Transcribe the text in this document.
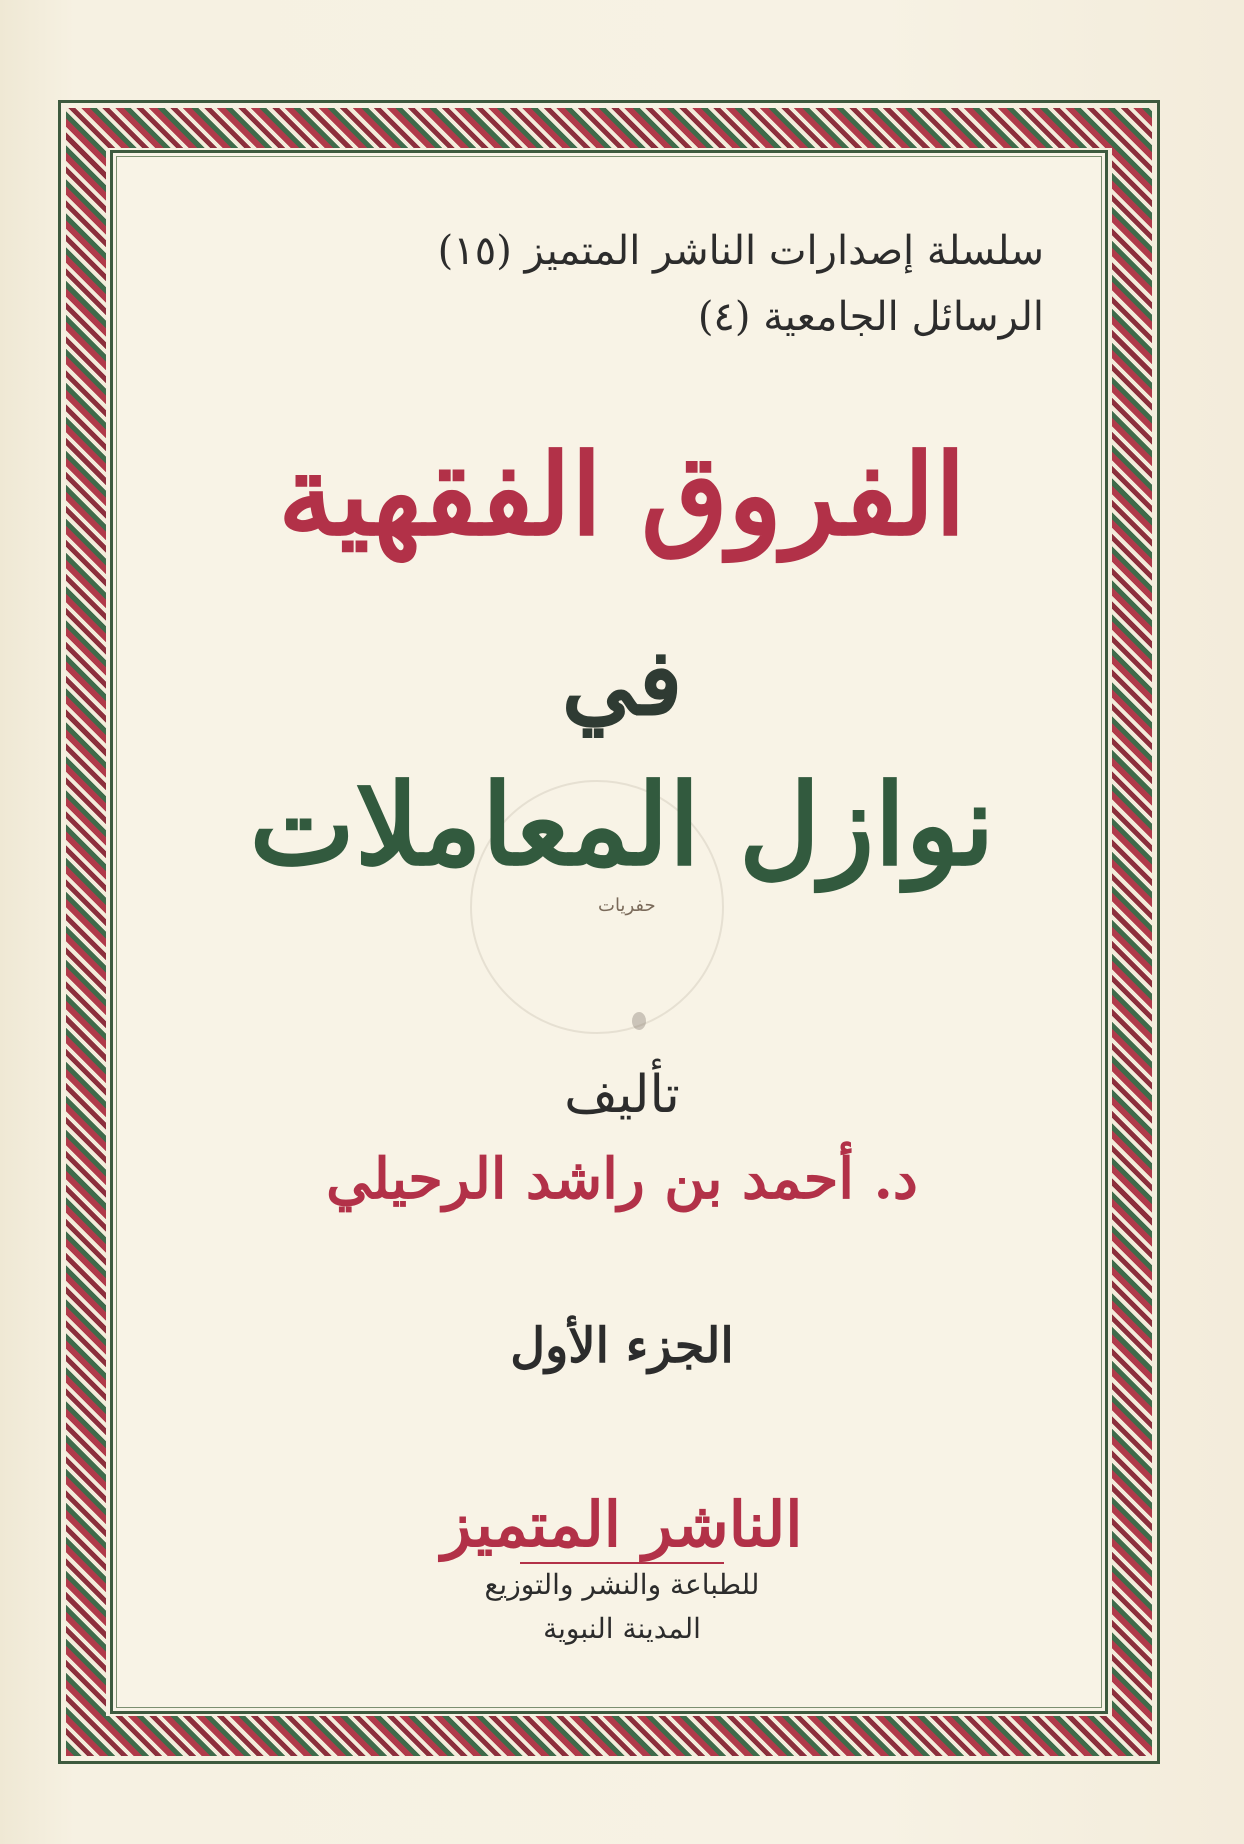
سلسلة إصدارات الناشر المتميز (١٥)
الرسائل الجامعية (٤)
الفروق الفقهية
في
نوازل المعاملات
حفريات
تأليف
د. أحمد بن راشد الرحيلي
الجزء الأول
الناشر المتميز
للطباعة والنشر والتوزيع
المدينة النبوية
